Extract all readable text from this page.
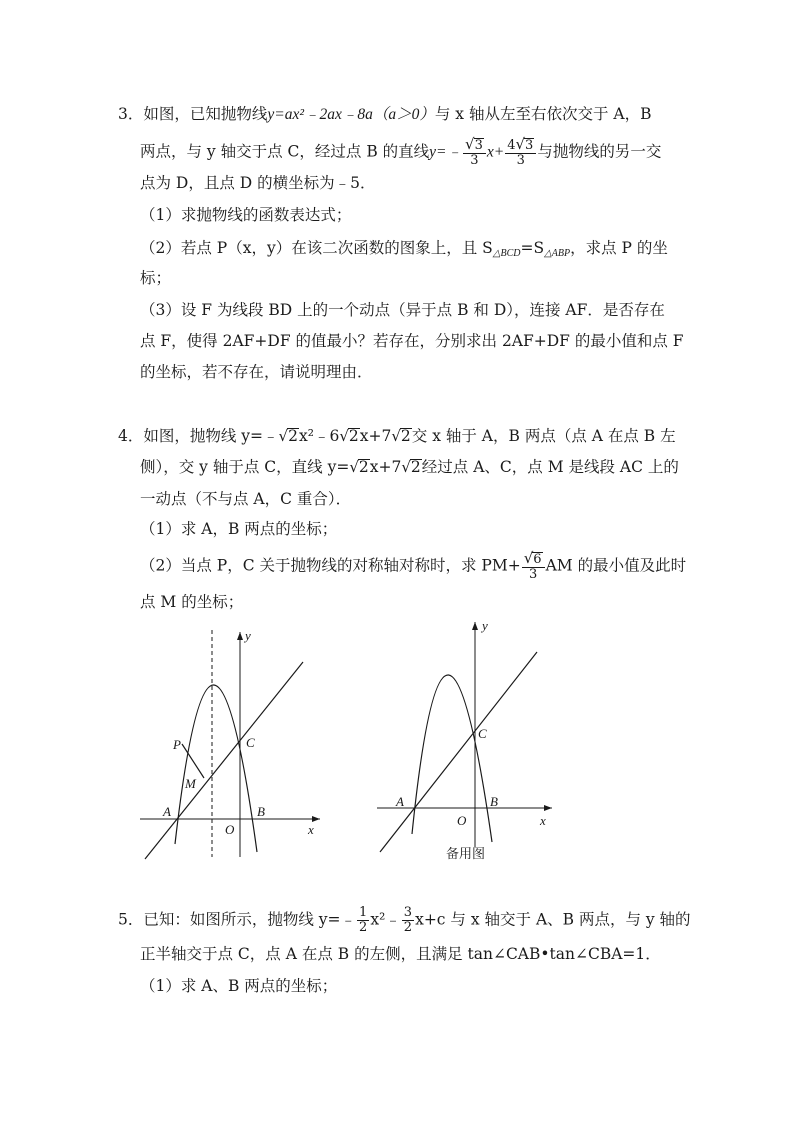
3．如图，已知抛物线y=ax²﹣2ax﹣8a（a＞0）与 x 轴从左至右依次交于 A，B
两点，与 y 轴交于点 C，经过点 B 的直线y=﹣ $\frac{√3}{3} x+ \frac{4√3}{3}$ 与抛物线的另一交
点为 D，且点 D 的横坐标为﹣5．
（1）求抛物线的函数表达式；
（2）若点 P（x，y）在该二次函数的图象上，且 $S_{\triangle BCD}=S_{\triangle ABP}$，求点 P 的坐
标；
（3）设 F 为线段 BD 上的一个动点（异于点 B 和 D），连接 AF．是否存在
点 F，使得 2AF+DF 的值最小？若存在，分别求出 2AF+DF 的最小值和点 F
的坐标，若不存在，请说明理由．
4．如图，抛物线 y=﹣√2x²﹣6√2x+7√2交 x 轴于 A，B 两点（点 A 在点 B 左
侧），交 y 轴于点 C，直线 y=√2x+7√2经过点 A、C，点 M 是线段 AC 上的
一动点（不与点 A，C 重合）．
（1）求 A，B 两点的坐标；
（2）当点 P，C 关于抛物线的对称轴对称时，求 $PM+ \frac{√6}{3}$ AM 的最小值及此时
点 M 的坐标；
y
x
P	C
M
A
O
B
y
x
C
A
O
B
备用图
5．已知：如图所示，抛物线 y=﹣ $\frac{1}{2}$ x²﹣ $\frac{3}{2} x+c$ 与 x 轴交于 A、B 两点，与 y 轴的
正半轴交于点 C，点 A 在点 B 的左侧，且满足 tan∠CAB•tan∠CBA=1．
（1）求 A、B 两点的坐标；
